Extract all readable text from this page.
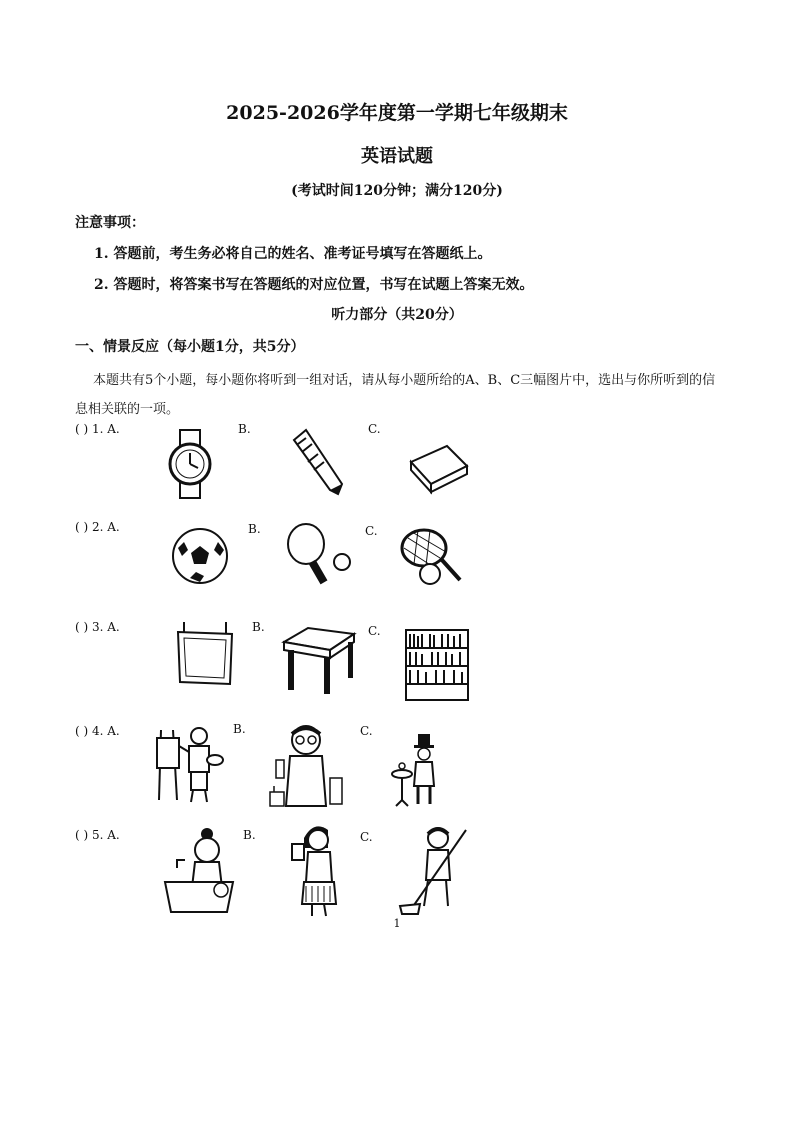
2025-2026学年度第一学期七年级期末
英语试题
(考试时间120分钟；满分120分)
注意事项：
1. 答题前，考生务必将自己的姓名、准考证号填写在答题纸上。
2. 答题时，将答案书写在答题纸的对应位置，书写在试题上答案无效。
听力部分（共20分）
一、情景反应（每小题1分，共5分）
本题共有5个小题，每小题你将听到一组对话，请从每小题所给的A、B、C三幅图片中，选出与你所听到的信息相关联的一项。
( ) 1. A.	B.	C.
( ) 2. A.	B.	C.
( ) 3. A.	B.	C.
( ) 4. A.	B.	C.
( ) 5. A.	B.	C.
1
